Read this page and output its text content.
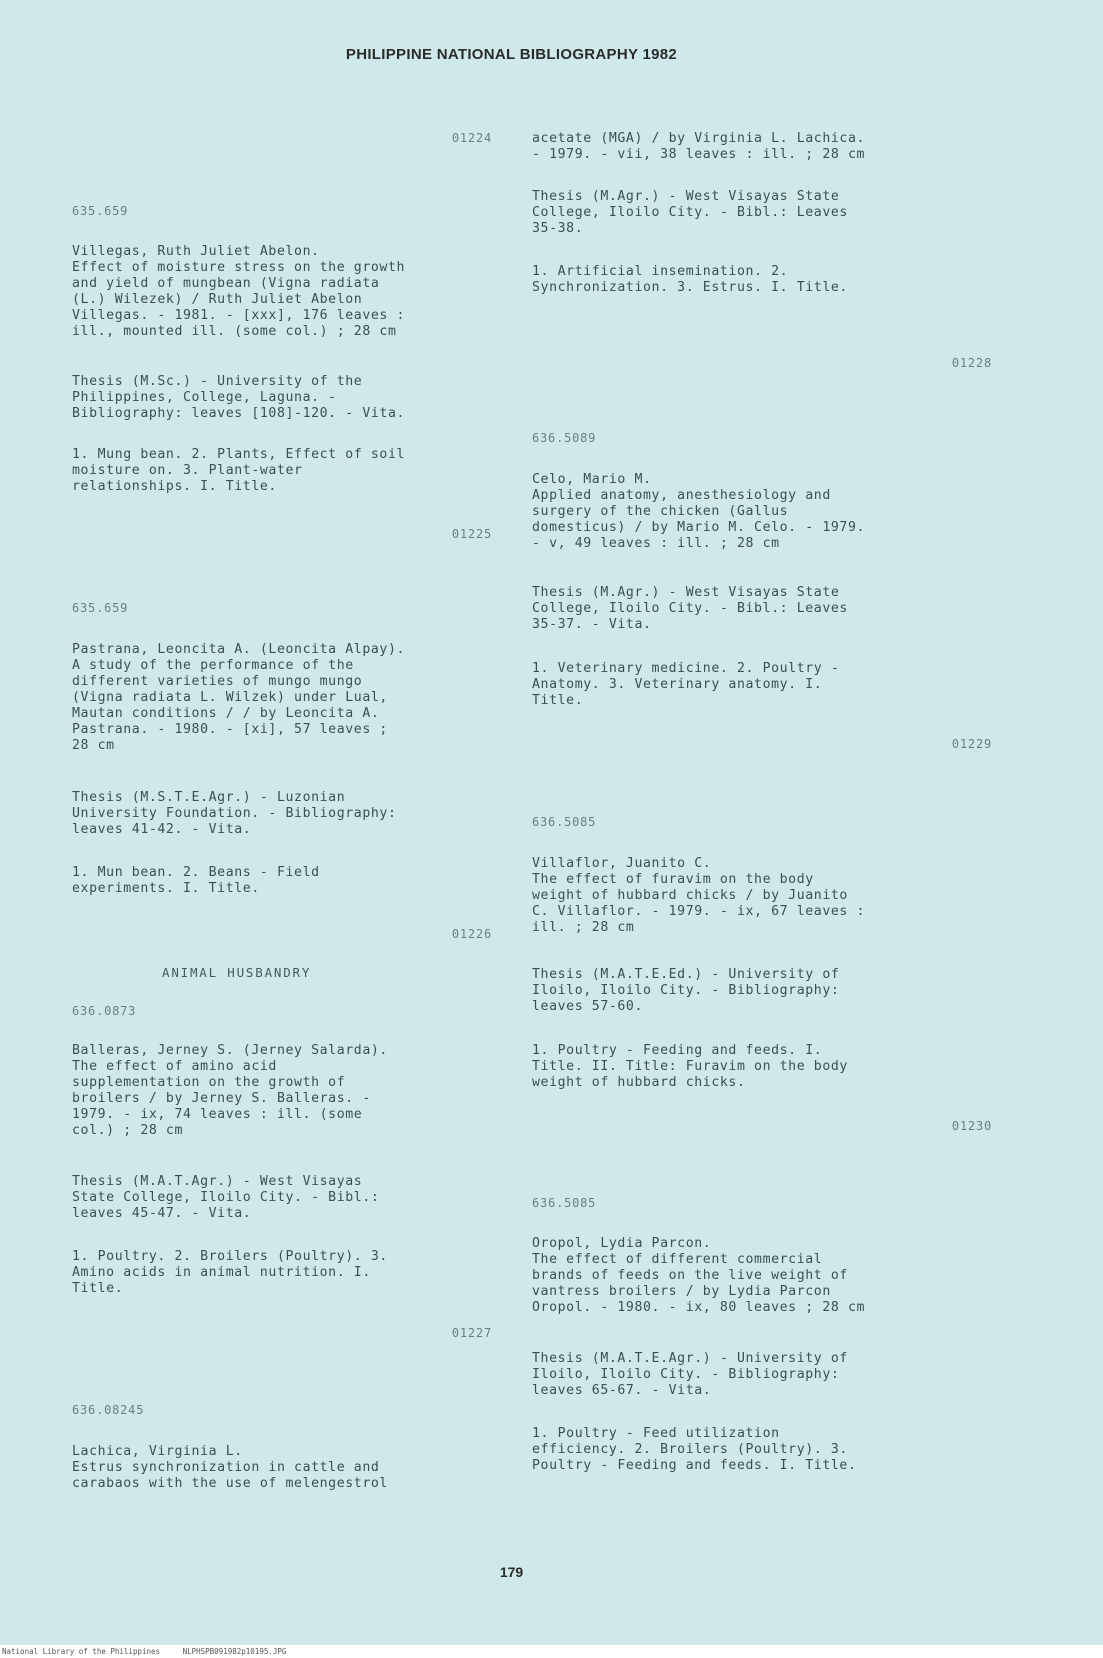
PHILIPPINE NATIONAL BIBLIOGRAPHY 1982
01224
635.659
Villegas, Ruth Juliet Abelon.
Effect of moisture stress on the growth
and yield of mungbean (Vigna radiata
(L.) Wilezek) / Ruth Juliet Abelon
Villegas. - 1981. - [xxx], 176 leaves :
ill., mounted ill. (some col.) ; 28 cm
Thesis (M.Sc.) - University of the
Philippines, College, Laguna. -
Bibliography: leaves [108]-120. - Vita.
1. Mung bean. 2. Plants, Effect of soil
moisture on. 3. Plant-water
relationships. I. Title.
01225
635.659
Pastrana, Leoncita A. (Leoncita Alpay).
A study of the performance of the
different varieties of mungo mungo
(Vigna radiata L. Wilzek) under Lual,
Mautan conditions / / by Leoncita A.
Pastrana. - 1980. - [xi], 57 leaves ;
28 cm
Thesis (M.S.T.E.Agr.) - Luzonian
University Foundation. - Bibliography:
leaves 41-42. - Vita.
1. Mun bean. 2. Beans - Field
experiments. I. Title.
01226
ANIMAL HUSBANDRY
636.0873
Balleras, Jerney S. (Jerney Salarda).
The effect of amino acid
supplementation on the growth of
broilers / by Jerney S. Balleras. -
1979. - ix, 74 leaves : ill. (some
col.) ; 28 cm
Thesis (M.A.T.Agr.) - West Visayas
State College, Iloilo City. - Bibl.:
leaves 45-47. - Vita.
1. Poultry. 2. Broilers (Poultry). 3.
Amino acids in animal nutrition. I.
Title.
01227
636.08245
Lachica, Virginia L.
Estrus synchronization in cattle and
carabaos with the use of melengestrol
acetate (MGA) / by Virginia L. Lachica.
- 1979. - vii, 38 leaves : ill. ; 28 cm
Thesis (M.Agr.) - West Visayas State
College, Iloilo City. - Bibl.: Leaves
35-38.
1. Artificial insemination. 2.
Synchronization. 3. Estrus. I. Title.
01228
636.5089
Celo, Mario M.
Applied anatomy, anesthesiology and
surgery of the chicken (Gallus
domesticus) / by Mario M. Celo. - 1979.
- v, 49 leaves : ill. ; 28 cm
Thesis (M.Agr.) - West Visayas State
College, Iloilo City. - Bibl.: Leaves
35-37. - Vita.
1. Veterinary medicine. 2. Poultry -
Anatomy. 3. Veterinary anatomy. I.
Title.
01229
636.5085
Villaflor, Juanito C.
The effect of furavim on the body
weight of hubbard chicks / by Juanito
C. Villaflor. - 1979. - ix, 67 leaves :
ill. ; 28 cm
Thesis (M.A.T.E.Ed.) - University of
Iloilo, Iloilo City. - Bibliography:
leaves 57-60.
1. Poultry - Feeding and feeds. I.
Title. II. Title: Furavim on the body
weight of hubbard chicks.
01230
636.5085
Oropol, Lydia Parcon.
The effect of different commercial
brands of feeds on the live weight of
vantress broilers / by Lydia Parcon
Oropol. - 1980. - ix, 80 leaves ; 28 cm
Thesis (M.A.T.E.Agr.) - University of
Iloilo, Iloilo City. - Bibliography:
leaves 65-67. - Vita.
1. Poultry - Feed utilization
efficiency. 2. Broilers (Poultry). 3.
Poultry - Feeding and feeds. I. Title.
179
National Library of the Philippines	NLPHSPB091982p10195.JPG
